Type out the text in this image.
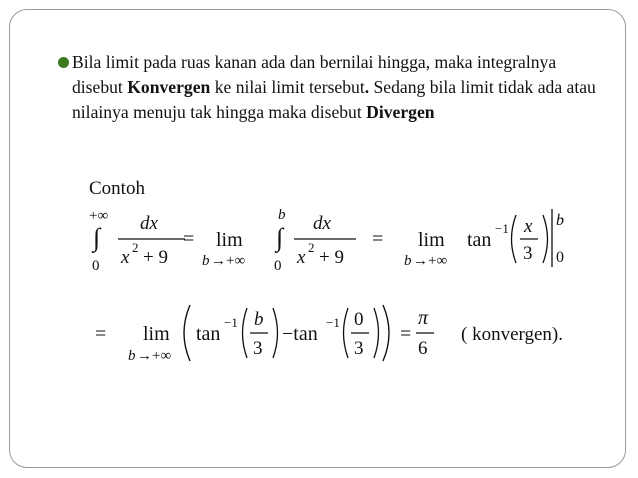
Bila limit pada ruas kanan ada dan bernilai hingga, maka integralnya disebut Konvergen ke nilai limit tersebut. Sedang bila limit tidak ada atau nilainya menuju tak hingga maka disebut Divergen
Contoh
+∞
∫
0
dx
x 2 + 9
= lim
b →+∞
b
∫
0
dx
x 2 + 9
= lim
b →+∞
tan
−1 x
3
b
0
= lim
b →+∞
tan
−1 b
3
−tan
−1 0
3
=
π
6
( konvergen).
